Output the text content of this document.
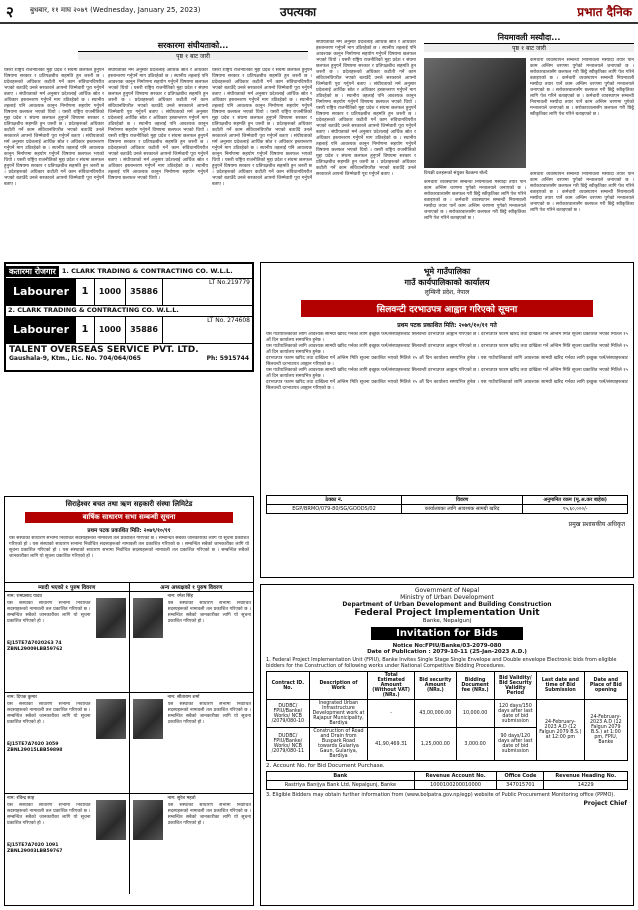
२ बुधबार, ११ माघ २०७९ (Wednesday, January 25, 2023)	उपत्यका	प्रभात दैनिक
सरकारमा संघीयताको...
पृष्ठ १ बाट जारी
यसरी राष्ट्रिय राजनीतिको मुद्दा प्रदेश र संघमा छलफल हुनुपर्ने विषयमा सरकार र प्रतिपक्षबीच सहमति हुन जरुरी छ । प्रदेशहरूको अधिकार कटौती गर्ने काम संविधानविपरीत भएको बताउँदै उनले सरकारले आफ्नो जिम्मेवारी पूरा गर्नुपर्ने बताए । संघीयताको मर्म अनुसार प्रदेशलाई आर्थिक स्रोत र अधिकार हस्तान्तरण गर्नुपर्ने माग उठिरहेको छ । स्थानीय तहलाई पनि आवश्यक कानुन निर्माणमा सहयोग गर्नुपर्ने विषयमा छलफल भएको थियो । यसरी राष्ट्रिय राजनीतिको मुद्दा प्रदेश र संघमा छलफल हुनुपर्ने विषयमा सरकार र प्रतिपक्षबीच सहमति हुन जरुरी छ । प्रदेशहरूको अधिकार कटौती गर्ने काम संविधानविपरीत भएको बताउँदै उनले सरकारले आफ्नो जिम्मेवारी पूरा गर्नुपर्ने बताए । संघीयताको मर्म अनुसार प्रदेशलाई आर्थिक स्रोत र अधिकार हस्तान्तरण गर्नुपर्ने माग उठिरहेको छ । स्थानीय तहलाई पनि आवश्यक कानुन निर्माणमा सहयोग गर्नुपर्ने विषयमा छलफल भएको थियो । यसरी राष्ट्रिय राजनीतिको मुद्दा प्रदेश र संघमा छलफल हुनुपर्ने विषयमा सरकार र प्रतिपक्षबीच सहमति हुन जरुरी छ । प्रदेशहरूको अधिकार कटौती गर्ने काम संविधानविपरीत भएको बताउँदै उनले सरकारले आफ्नो जिम्मेवारी पूरा गर्नुपर्ने बताए ।
संघीयताको मर्म अनुसार प्रदेशलाई आर्थिक स्रोत र अधिकार हस्तान्तरण गर्नुपर्ने माग उठिरहेको छ । स्थानीय तहलाई पनि आवश्यक कानुन निर्माणमा सहयोग गर्नुपर्ने विषयमा छलफल भएको थियो । यसरी राष्ट्रिय राजनीतिको मुद्दा प्रदेश र संघमा छलफल हुनुपर्ने विषयमा सरकार र प्रतिपक्षबीच सहमति हुन जरुरी छ । प्रदेशहरूको अधिकार कटौती गर्ने काम संविधानविपरीत भएको बताउँदै उनले सरकारले आफ्नो जिम्मेवारी पूरा गर्नुपर्ने बताए । संघीयताको मर्म अनुसार प्रदेशलाई आर्थिक स्रोत र अधिकार हस्तान्तरण गर्नुपर्ने माग उठिरहेको छ । स्थानीय तहलाई पनि आवश्यक कानुन निर्माणमा सहयोग गर्नुपर्ने विषयमा छलफल भएको थियो । यसरी राष्ट्रिय राजनीतिको मुद्दा प्रदेश र संघमा छलफल हुनुपर्ने विषयमा सरकार र प्रतिपक्षबीच सहमति हुन जरुरी छ । प्रदेशहरूको अधिकार कटौती गर्ने काम संविधानविपरीत भएको बताउँदै उनले सरकारले आफ्नो जिम्मेवारी पूरा गर्नुपर्ने बताए । संघीयताको मर्म अनुसार प्रदेशलाई आर्थिक स्रोत र अधिकार हस्तान्तरण गर्नुपर्ने माग उठिरहेको छ । स्थानीय तहलाई पनि आवश्यक कानुन निर्माणमा सहयोग गर्नुपर्ने विषयमा छलफल भएको थियो ।
यसरी राष्ट्रिय राजनीतिको मुद्दा प्रदेश र संघमा छलफल हुनुपर्ने विषयमा सरकार र प्रतिपक्षबीच सहमति हुन जरुरी छ । प्रदेशहरूको अधिकार कटौती गर्ने काम संविधानविपरीत भएको बताउँदै उनले सरकारले आफ्नो जिम्मेवारी पूरा गर्नुपर्ने बताए । संघीयताको मर्म अनुसार प्रदेशलाई आर्थिक स्रोत र अधिकार हस्तान्तरण गर्नुपर्ने माग उठिरहेको छ । स्थानीय तहलाई पनि आवश्यक कानुन निर्माणमा सहयोग गर्नुपर्ने विषयमा छलफल भएको थियो । यसरी राष्ट्रिय राजनीतिको मुद्दा प्रदेश र संघमा छलफल हुनुपर्ने विषयमा सरकार र प्रतिपक्षबीच सहमति हुन जरुरी छ । प्रदेशहरूको अधिकार कटौती गर्ने काम संविधानविपरीत भएको बताउँदै उनले सरकारले आफ्नो जिम्मेवारी पूरा गर्नुपर्ने बताए । संघीयताको मर्म अनुसार प्रदेशलाई आर्थिक स्रोत र अधिकार हस्तान्तरण गर्नुपर्ने माग उठिरहेको छ । स्थानीय तहलाई पनि आवश्यक कानुन निर्माणमा सहयोग गर्नुपर्ने विषयमा छलफल भएको थियो । यसरी राष्ट्रिय राजनीतिको मुद्दा प्रदेश र संघमा छलफल हुनुपर्ने विषयमा सरकार र प्रतिपक्षबीच सहमति हुन जरुरी छ । प्रदेशहरूको अधिकार कटौती गर्ने काम संविधानविपरीत भएको बताउँदै उनले सरकारले आफ्नो जिम्मेवारी पूरा गर्नुपर्ने बताए ।
संघीयताको मर्म अनुसार प्रदेशलाई आर्थिक स्रोत र अधिकार हस्तान्तरण गर्नुपर्ने माग उठिरहेको छ । स्थानीय तहलाई पनि आवश्यक कानुन निर्माणमा सहयोग गर्नुपर्ने विषयमा छलफल भएको थियो । यसरी राष्ट्रिय राजनीतिको मुद्दा प्रदेश र संघमा छलफल हुनुपर्ने विषयमा सरकार र प्रतिपक्षबीच सहमति हुन जरुरी छ । प्रदेशहरूको अधिकार कटौती गर्ने काम संविधानविपरीत भएको बताउँदै उनले सरकारले आफ्नो जिम्मेवारी पूरा गर्नुपर्ने बताए । संघीयताको मर्म अनुसार प्रदेशलाई आर्थिक स्रोत र अधिकार हस्तान्तरण गर्नुपर्ने माग उठिरहेको छ । स्थानीय तहलाई पनि आवश्यक कानुन निर्माणमा सहयोग गर्नुपर्ने विषयमा छलफल भएको थियो । यसरी राष्ट्रिय राजनीतिको मुद्दा प्रदेश र संघमा छलफल हुनुपर्ने विषयमा सरकार र प्रतिपक्षबीच सहमति हुन जरुरी छ । प्रदेशहरूको अधिकार कटौती गर्ने काम संविधानविपरीत भएको बताउँदै उनले सरकारले आफ्नो जिम्मेवारी पूरा गर्नुपर्ने बताए । संघीयताको मर्म अनुसार प्रदेशलाई आर्थिक स्रोत र अधिकार हस्तान्तरण गर्नुपर्ने माग उठिरहेको छ । स्थानीय तहलाई पनि आवश्यक कानुन निर्माणमा सहयोग गर्नुपर्ने विषयमा छलफल भएको थियो । यसरी राष्ट्रिय राजनीतिको मुद्दा प्रदेश र संघमा छलफल हुनुपर्ने विषयमा सरकार र प्रतिपक्षबीच सहमति हुन जरुरी छ । प्रदेशहरूको अधिकार कटौती गर्ने काम संविधानविपरीत भएको बताउँदै उनले सरकारले आफ्नो जिम्मेवारी पूरा गर्नुपर्ने बताए ।
नियमावली मस्यौदा...
पृष्ठ १ बाट जारी
कर्मचारी व्यवस्थापन सम्बन्धी नियमावली मस्यौदा तयार पार्ने काम अन्तिम चरणमा पुगेको मन्त्रालयले जनाएको छ । सरोकारवालासँग छलफल गरी छिट्टै स्वीकृतिका लागि पेश गरिने बताइएको छ । कर्मचारी व्यवस्थापन सम्बन्धी नियमावली मस्यौदा तयार पार्ने काम अन्तिम चरणमा पुगेको मन्त्रालयले जनाएको छ । सरोकारवालासँग छलफल गरी छिट्टै स्वीकृतिका लागि पेश गरिने बताइएको छ । कर्मचारी व्यवस्थापन सम्बन्धी नियमावली मस्यौदा तयार पार्ने काम अन्तिम चरणमा पुगेको मन्त्रालयले जनाएको छ । सरोकारवालासँग छलफल गरी छिट्टै स्वीकृतिका लागि पेश गरिने बताइएको छ ।
विपक्षी दलहरूको संयुक्त बैठकमा बोल्दै
कर्मचारी व्यवस्थापन सम्बन्धी नियमावली मस्यौदा तयार पार्ने काम अन्तिम चरणमा पुगेको मन्त्रालयले जनाएको छ । सरोकारवालासँग छलफल गरी छिट्टै स्वीकृतिका लागि पेश गरिने बताइएको छ । कर्मचारी व्यवस्थापन सम्बन्धी नियमावली मस्यौदा तयार पार्ने काम अन्तिम चरणमा पुगेको मन्त्रालयले जनाएको छ । सरोकारवालासँग छलफल गरी छिट्टै स्वीकृतिका लागि पेश गरिने बताइएको छ ।
कर्मचारी व्यवस्थापन सम्बन्धी नियमावली मस्यौदा तयार पार्ने काम अन्तिम चरणमा पुगेको मन्त्रालयले जनाएको छ । सरोकारवालासँग छलफल गरी छिट्टै स्वीकृतिका लागि पेश गरिने बताइएको छ । कर्मचारी व्यवस्थापन सम्बन्धी नियमावली मस्यौदा तयार पार्ने काम अन्तिम चरणमा पुगेको मन्त्रालयले जनाएको छ । सरोकारवालासँग छलफल गरी छिट्टै स्वीकृतिका लागि पेश गरिने बताइएको छ ।
कतारमा रोजगार 1. CLARK TRADING & CONTRACTING CO. W.L.L.
Labourer	1	1000	35886
LT No.219779
2. CLARK TRADING & CONTRACTING CO. W.L.L.
Labourer	1	1000	35886
LT No. 274608
TALENT OVERSEAS SERVICE PVT. LTD.
Gaushala-9, Ktm., Lic. No. 704/064/065	Ph: 5915744
भूमे गाउँपालिका
गाउँ कार्यपालिकाको कार्यालय
लुम्बिनी प्रदेश, नेपाल
सिलवन्टी दरभाउपत्र आह्वान गरिएको सूचना
प्रथम पटक प्रकाशित मिति: २०७९/१०/११ गते
यस गाउँपालिकाको लागि आवश्यक सामग्री खरिद गर्नका लागि इच्छुक फर्म/संस्थाहरूबाट सिलवन्टी दरभाउपत्र आह्वान गरिएको छ । दरभाउपत्र फारम खरिद तथा दाखिला गर्ने अन्तिम मिति सूचना प्रकाशित भएको मितिले १५ औं दिन कार्यालय समयभित्र हुनेछ ।
यस गाउँपालिकाको लागि आवश्यक सामग्री खरिद गर्नका लागि इच्छुक फर्म/संस्थाहरूबाट सिलवन्टी दरभाउपत्र आह्वान गरिएको छ । दरभाउपत्र फारम खरिद तथा दाखिला गर्ने अन्तिम मिति सूचना प्रकाशित भएको मितिले १५ औं दिन कार्यालय समयभित्र हुनेछ ।
दरभाउपत्र फारम खरिद तथा दाखिला गर्ने अन्तिम मिति सूचना प्रकाशित भएको मितिले १५ औं दिन कार्यालय समयभित्र हुनेछ । यस गाउँपालिकाको लागि आवश्यक सामग्री खरिद गर्नका लागि इच्छुक फर्म/संस्थाहरूबाट सिलवन्टी दरभाउपत्र आह्वान गरिएको छ ।
यस गाउँपालिकाको लागि आवश्यक सामग्री खरिद गर्नका लागि इच्छुक फर्म/संस्थाहरूबाट सिलवन्टी दरभाउपत्र आह्वान गरिएको छ । दरभाउपत्र फारम खरिद तथा दाखिला गर्ने अन्तिम मिति सूचना प्रकाशित भएको मितिले १५ औं दिन कार्यालय समयभित्र हुनेछ ।
दरभाउपत्र फारम खरिद तथा दाखिला गर्ने अन्तिम मिति सूचना प्रकाशित भएको मितिले १५ औं दिन कार्यालय समयभित्र हुनेछ । यस गाउँपालिकाको लागि आवश्यक सामग्री खरिद गर्नका लागि इच्छुक फर्म/संस्थाहरूबाट सिलवन्टी दरभाउपत्र आह्वान गरिएको छ ।
ठेक्का नं.	विवरण	अनुमानित रकम (मू.अ.कर बाहेक)
EGP/BRMO/079-80/SG/GOODS/02	कार्यालयका लागि आवश्यक सामग्री खरिद	१५,६०,०००/-
प्रमुख प्रशासकीय अधिकृत
सिराहेश्वर बचत तथा ऋण सहकारी संस्था लिमिटेड
बार्षिक साधारण सभा सम्बन्धी सूचना
प्रथम पटक प्रकाशित मिति: २०७९/१०/११
यस संस्थाको साधारण सभामा निर्वाचित सदस्यहरूको नामावली तल प्रकाशित गरिएको छ । सम्बन्धित सबैको जानकारीका लागि यो सूचना प्रकाशित गरिएको हो । यस संस्थाको साधारण सभामा निर्वाचित सदस्यहरूको नामावली तल प्रकाशित गरिएको छ । सम्बन्धित सबैको जानकारीका लागि यो सूचना प्रकाशित गरिएको हो । यस संस्थाको साधारण सभामा निर्वाचित सदस्यहरूको नामावली तल प्रकाशित गरिएको छ । सम्बन्धित सबैको जानकारीका लागि यो सूचना प्रकाशित गरिएको हो ।
म्यादी भएको १ पुरुष विवरण	अन्य अध्यक्षको १ पुरुष विवरण
नाम: रामप्रसाद यादव
यस संस्थाको साधारण सभामा निर्वाचित सदस्यहरूको नामावली तल प्रकाशित गरिएको छ । सम्बन्धित सबैको जानकारीका लागि यो सूचना प्रकाशित गरिएको हो ।
EJ15TE7A7020263 74
ZBNL29009LBB59762
नाम: दिपक कुमार
यस संस्थाको साधारण सभामा निर्वाचित सदस्यहरूको नामावली तल प्रकाशित गरिएको छ । सम्बन्धित सबैको जानकारीका लागि यो सूचना प्रकाशित गरिएको हो ।
EJ15TE7A7020 3059
ZBNL29015LBB59898
नाम: रविन्द्र साह
यस संस्थाको साधारण सभामा निर्वाचित सदस्यहरूको नामावली तल प्रकाशित गरिएको छ । सम्बन्धित सबैको जानकारीका लागि यो सूचना प्रकाशित गरिएको हो ।
EJ15TE7A7020 1091
ZBNL29003LBB59767
नाम: रमेश सिंह
यस संस्थाको साधारण सभामा निर्वाचित सदस्यहरूको नामावली तल प्रकाशित गरिएको छ । सम्बन्धित सबैको जानकारीका लागि यो सूचना प्रकाशित गरिएको हो ।
नाम: सीताराम शर्मा
यस संस्थाको साधारण सभामा निर्वाचित सदस्यहरूको नामावली तल प्रकाशित गरिएको छ । सम्बन्धित सबैको जानकारीका लागि यो सूचना प्रकाशित गरिएको हो ।
नाम: सुरेश महतो
यस संस्थाको साधारण सभामा निर्वाचित सदस्यहरूको नामावली तल प्रकाशित गरिएको छ । सम्बन्धित सबैको जानकारीका लागि यो सूचना प्रकाशित गरिएको हो ।
Government of Nepal
Ministry of Urban Development
Department of Urban Development and Building Construction
Federal Project Implementation Unit
Banke, Nepalgunj
Invitation for Bids
Notice No:FPIU/Banke/03-2079-080
Date of Publication : 2079-10-11 (25-Jan-2023 A.D.)
1. Federal Project Implementation Unit (FPIU), Banke Invites Single Stage Single Envelope and Double envelope Electronic bids from eligible bidders for the Construction of following works under National Competitive Bidding Procedures.
Contract ID. No.	Description of Work	Total Estimated Amount (Without VAT) (NRs.)	Bid security Amount (NRs.)	Bidding Document fee (NRs.)	Bid Validity/ Bid Security Validity Period	Last date and time of Bid Submission	Date and Place of Bid opening
DUDBC/ FPIU/Banke/ Works/ NCB /2079/080-10	Inegrated Urban Infrastructure Development work at Rajapur Municipality, Bardiya	-	43,00,000.00	10,000.00	120 days/150 days after last date of bid submission	24-February-2023 A.D (12 Falgun 2079 B.S.) at 12:00 pm	24-February-2023 A.D (12 Falgun 2079 B.S.) at 1:00 pm, FPIU, Banke
DUDBC/ FPIU/Banke/ Works/ NCB /2079/080-11	Construction of Road and Drain from Buspark Road towards Gulariya Gaun, Gulariya, Bardiya	41,90,469.31	1,25,000.00	3,000.00	90 days/120 days after last date of bid submission		
2. Account No. for Bid Document Purchase.
Bank	Revenue Account No.	Office Code	Revenue Heading No.
Rastriya Banijya Bank Ltd, Nepalgunj, Banke	1000100200010000	347015701	14229
3. Eligible Bidders may obtain further information from (www.bolpatra.gov.np/egp) website of Public Procurement Monitoring office (PPMO).
Project Chief
